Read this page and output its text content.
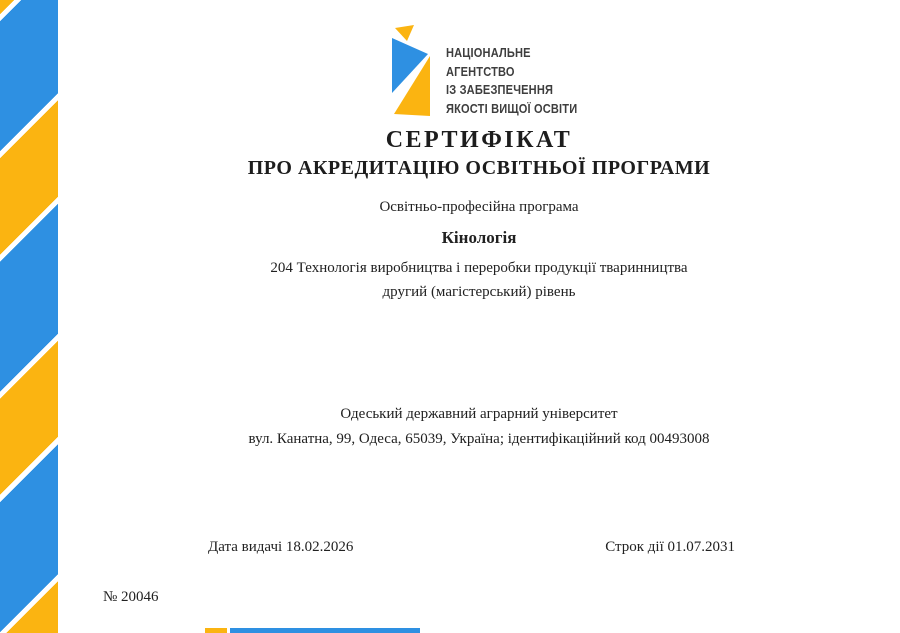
НАЦІОНАЛЬНЕ
АГЕНТСТВО
ІЗ ЗАБЕЗПЕЧЕННЯ
ЯКОСТІ ВИЩОЇ ОСВІТИ
СЕРТИФІКАТ
ПРО АКРЕДИТАЦІЮ ОСВІТНЬОЇ ПРОГРАМИ
Освітньо-професійна програма
Кінологія
204 Технологія виробництва і переробки продукції тваринництва
другий (магістерський) рівень
Одеський державний аграрний університет
вул. Канатна, 99, Одеса, 65039, Україна; ідентифікаційний код 00493008
Дата видачі 18.02.2026	Строк дії 01.07.2031
№ 20046
